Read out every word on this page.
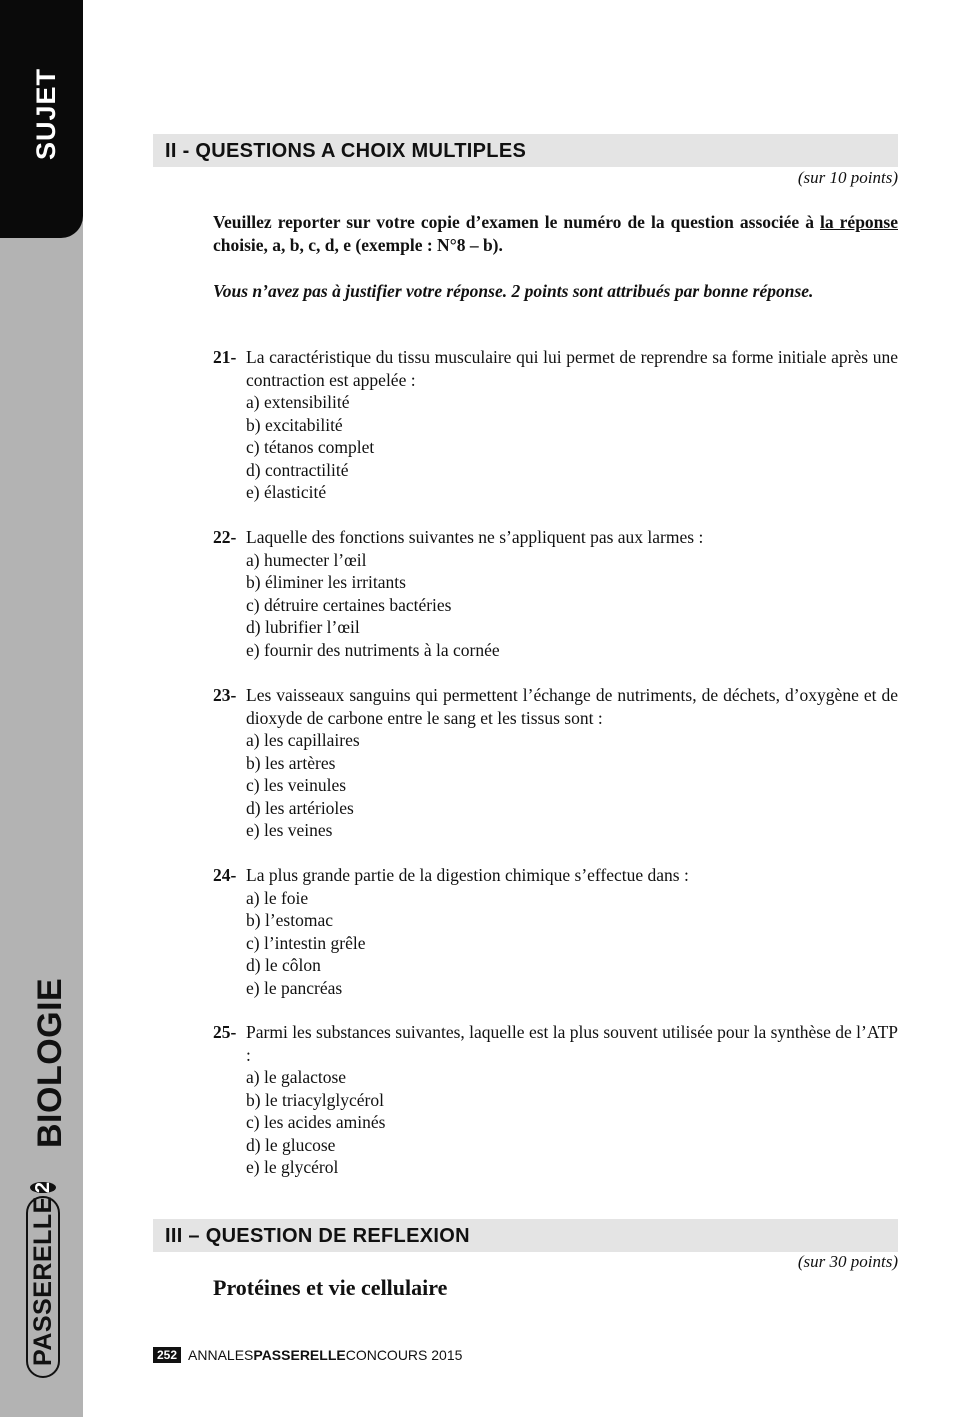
SUJET
BIOLOGIE
PASSERELLE
2
II - QUESTIONS A CHOIX MULTIPLES
(sur 10 points)
Veuillez reporter sur votre copie d’examen le numéro de la question associée à la réponse choisie, a, b, c, d, e (exemple : N°8 – b).
Vous n’avez pas à justifier votre réponse. 2 points sont attribués par bonne réponse.
21- La caractéristique du tissu musculaire qui lui permet de reprendre sa forme initiale après une contraction est appelée :
a) extensibilité
b) excitabilité
c) tétanos complet
d) contractilité
e) élasticité
22- Laquelle des fonctions suivantes ne s’appliquent pas aux larmes :
a) humecter l’œil
b) éliminer les irritants
c) détruire certaines bactéries
d) lubrifier l’œil
e) fournir des nutriments à la cornée
23- Les vaisseaux sanguins qui permettent l’échange de nutriments, de déchets, d’oxygène et de dioxyde de carbone entre le sang et les tissus sont :
a) les capillaires
b) les artères
c) les veinules
d) les artérioles
e) les veines
24- La plus grande partie de la digestion chimique s’effectue dans :
a) le foie
b) l’estomac
c) l’intestin grêle
d) le côlon
e) le pancréas
25- Parmi les substances suivantes, laquelle est la plus souvent utilisée pour la synthèse de l’ATP :
a) le galactose
b) le triacylglycérol
c) les acides aminés
d) le glucose
e) le glycérol
III – QUESTION DE REFLEXION
(sur 30 points)
Protéines et vie cellulaire
252 ANNALES PASSERELLE CONCOURS 2015
